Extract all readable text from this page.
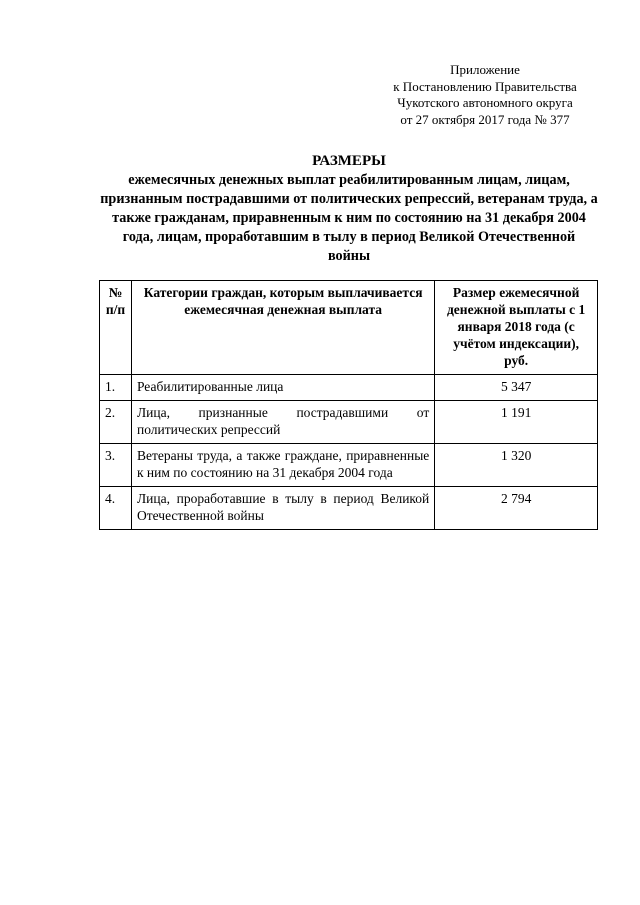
Приложение
к Постановлению Правительства
Чукотского автономного округа
от 27 октября 2017 года № 377
РАЗМЕРЫ
ежемесячных денежных выплат реабилитированным лицам, лицам, признанным пострадавшими от политических репрессий, ветеранам труда, а также гражданам, приравненным к ним по состоянию на 31 декабря 2004 года, лицам, проработавшим в тылу в период Великой Отечественной войны
№ п/п	Категории граждан, которым выплачивается ежемесячная денежная выплата	Размер ежемесячной денежной выплаты с 1 января 2018 года (с учётом индексации), руб.
1.	Реабилитированные лица	5 347
2.	Лица, признанные пострадавшими от политических репрессий	1 191
3.	Ветераны труда, а также граждане, приравненные к ним по состоянию на 31 декабря 2004 года	1 320
4.	Лица, проработавшие в тылу в период Великой Отечественной войны	2 794
